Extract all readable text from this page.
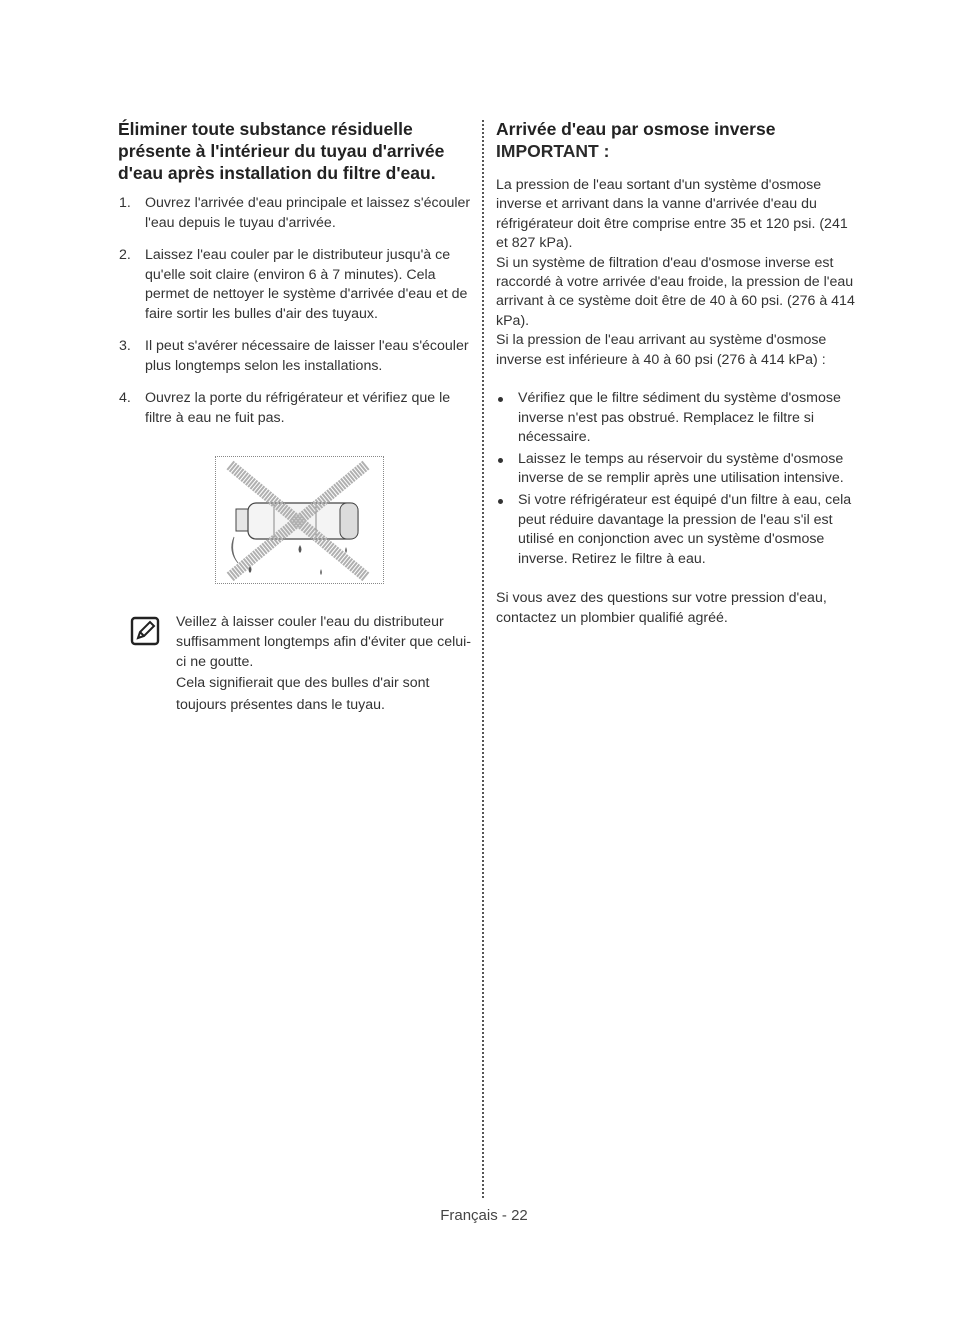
Éliminer toute substance résiduelle présente à l'intérieur du tuyau d'arrivée d'eau après installation du filtre d'eau.
1. Ouvrez l'arrivée d'eau principale et laissez s'écouler l'eau depuis le tuyau d'arrivée.
2. Laissez l'eau couler par le distributeur jusqu'à ce qu'elle soit claire (environ 6 à 7 minutes). Cela permet de nettoyer le système d'arrivée d'eau et de faire sortir les bulles d'air des tuyaux.
3. Il peut s'avérer nécessaire de laisser l'eau s'écouler plus longtemps selon les installations.
4. Ouvrez la porte du réfrigérateur et vérifiez que le filtre à eau ne fuit pas.

Veillez à laisser couler l'eau du distributeur suffisamment longtemps afin d'éviter que celui-ci ne goutte.

Cela signifierait que des bulles d'air sont toujours présentes dans le tuyau.

Arrivée d'eau par osmose inverse
IMPORTANT :
La pression de l'eau sortant d'un système d'osmose inverse et arrivant dans la vanne d'arrivée d'eau du réfrigérateur doit être comprise entre 35 et 120 psi. (241 et 827 kPa).
Si un système de filtration d'eau d'osmose inverse est raccordé à votre arrivée d'eau froide, la pression de l'eau arrivant à ce système doit être de 40 à 60 psi. (276 à 414 kPa).
Si la pression de l'eau arrivant au système d'osmose inverse est inférieure à 40 à 60 psi (276 à 414 kPa) :
Vérifiez que le filtre sédiment du système d'osmose inverse n'est pas obstrué. Remplacez le filtre si nécessaire.
Laissez le temps au réservoir du système d'osmose inverse de se remplir après une utilisation intensive.
Si votre réfrigérateur est équipé d'un filtre à eau, cela peut réduire davantage la pression de l'eau s'il est utilisé en conjonction avec un système d'osmose inverse. Retirez le filtre à eau.

Si vous avez des questions sur votre pression d'eau, contactez un plombier qualifié agréé.

Français - 22
